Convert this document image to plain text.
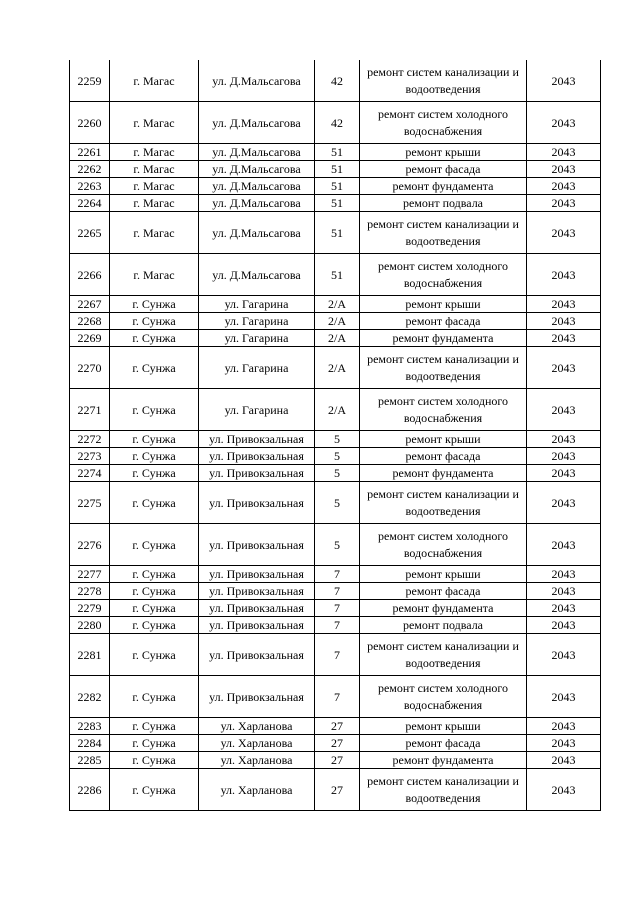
2259	г. Магас	ул. Д.Мальсагова	42	ремонт систем канализации и водоотведения	2043
2260	г. Магас	ул. Д.Мальсагова	42	ремонт систем холодного водоснабжения	2043
2261	г. Магас	ул. Д.Мальсагова	51	ремонт крыши	2043
2262	г. Магас	ул. Д.Мальсагова	51	ремонт фасада	2043
2263	г. Магас	ул. Д.Мальсагова	51	ремонт фундамента	2043
2264	г. Магас	ул. Д.Мальсагова	51	ремонт подвала	2043
2265	г. Магас	ул. Д.Мальсагова	51	ремонт систем канализации и водоотведения	2043
2266	г. Магас	ул. Д.Мальсагова	51	ремонт систем холодного водоснабжения	2043
2267	г. Сунжа	ул. Гагарина	2/А	ремонт крыши	2043
2268	г. Сунжа	ул. Гагарина	2/А	ремонт фасада	2043
2269	г. Сунжа	ул. Гагарина	2/А	ремонт фундамента	2043
2270	г. Сунжа	ул. Гагарина	2/А	ремонт систем канализации и водоотведения	2043
2271	г. Сунжа	ул. Гагарина	2/А	ремонт систем холодного водоснабжения	2043
2272	г. Сунжа	ул. Привокзальная	5	ремонт крыши	2043
2273	г. Сунжа	ул. Привокзальная	5	ремонт фасада	2043
2274	г. Сунжа	ул. Привокзальная	5	ремонт фундамента	2043
2275	г. Сунжа	ул. Привокзальная	5	ремонт систем канализации и водоотведения	2043
2276	г. Сунжа	ул. Привокзальная	5	ремонт систем холодного водоснабжения	2043
2277	г. Сунжа	ул. Привокзальная	7	ремонт крыши	2043
2278	г. Сунжа	ул. Привокзальная	7	ремонт фасада	2043
2279	г. Сунжа	ул. Привокзальная	7	ремонт фундамента	2043
2280	г. Сунжа	ул. Привокзальная	7	ремонт подвала	2043
2281	г. Сунжа	ул. Привокзальная	7	ремонт систем канализации и водоотведения	2043
2282	г. Сунжа	ул. Привокзальная	7	ремонт систем холодного водоснабжения	2043
2283	г. Сунжа	ул. Харланова	27	ремонт крыши	2043
2284	г. Сунжа	ул. Харланова	27	ремонт фасада	2043
2285	г. Сунжа	ул. Харланова	27	ремонт фундамента	2043
2286	г. Сунжа	ул. Харланова	27	ремонт систем канализации и водоотведения	2043
